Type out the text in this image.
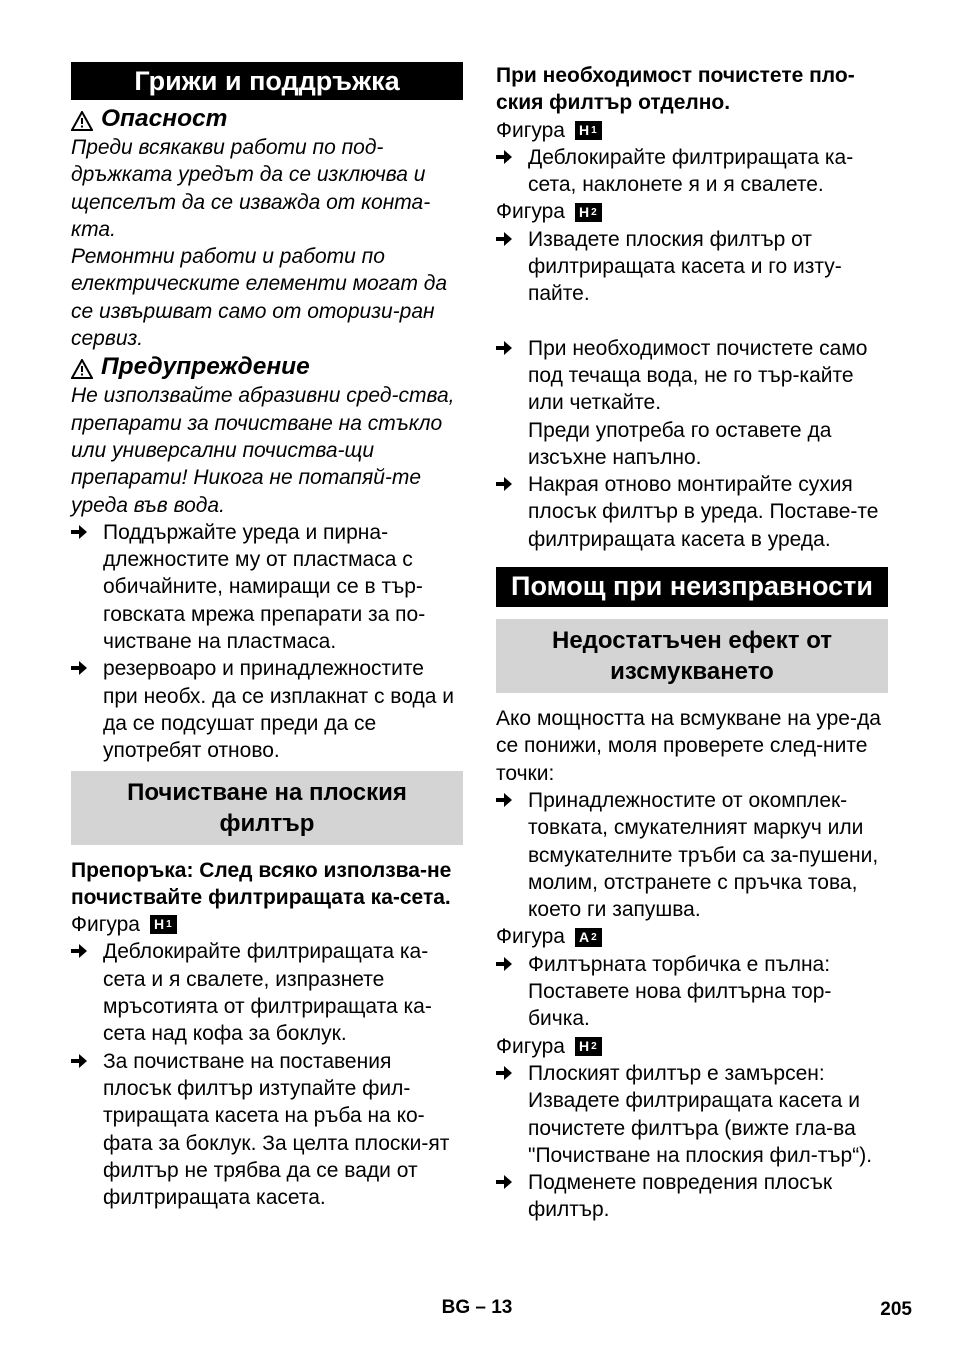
Грижи и поддръжка
Опасност

Преди всякакви работи по под-дръжката уредът да се изключва и щепселът да се изважда от конта-кта.

Ремонтни работи и работи по електрическите елементи могат да се извършват само от оторизи-ран сервиз.

Предупреждение

Не използвайте абразивни сред-ства, препарати за почистване на стъкло или универсални почиства-щи препарати! Никога не потапяй-те уреда във вода.

Поддържайте уреда и пирна-длежностите му от пластмаса с обичайните, намиращи се в тър-говската мрежа препарати за по-чистване на пластмаса.
резервоаро и принадлежностите при необх. да се изплакнат с вода и да се подсушат преди да се употребят отново.
Почистване на плоския филтър

Препоръка: След всяко използва-не почиствайте филтриращата ка-сета.

Фигура H 1
Деблокирайте филтриращата ка-сета и я свалете, изпразнете мръсотията от филтриращата ка-сета над кофа за боклук.
За почистване на поставения плосък филтър изтупайте фил-триращата касета на ръба на ко-фата за боклук. За целта плоски-ят филтър не трябва да се вади от филтриращата касета.

При необходимост почистете пло-ския филтър отделно.

Фигура H 1
Деблокирайте филтриращата ка-сета, наклонете я и я свалете.
Фигура H 2
Извадете плоския филтър от филтриращата касета и го изту-пайте.
При необходимост почистете само под течаща вода, не го тър-кайте или четкайте.
Преди употреба го оставете да изсъхне напълно.
Накрая отново монтирайте сухия плосък филтър в уреда. Поставе-те филтриращата касета в уреда.
Помощ при неизправности
Недостатъчен ефект от изсмукването

Ако мощността на всмукване на уре-да се понижи, моля проверете след-ните точки:

Принадлежностите от окомплек-товката, смукателният маркуч или всмукателните тръби са за-пушени, молим, отстранете с пръчка това, което ги запушва.
Фигура A 2
Филтърната торбичка е пълна: Поставете нова филтърна тор-бичка.
Фигура H 2
Плоският филтър е замърсен: Извадете филтриращата касета и почистете филтъра (вижте гла-ва "Почистване на плоския фил-тър“).
Подменете повредения плосък филтър.
BG – 13	205
